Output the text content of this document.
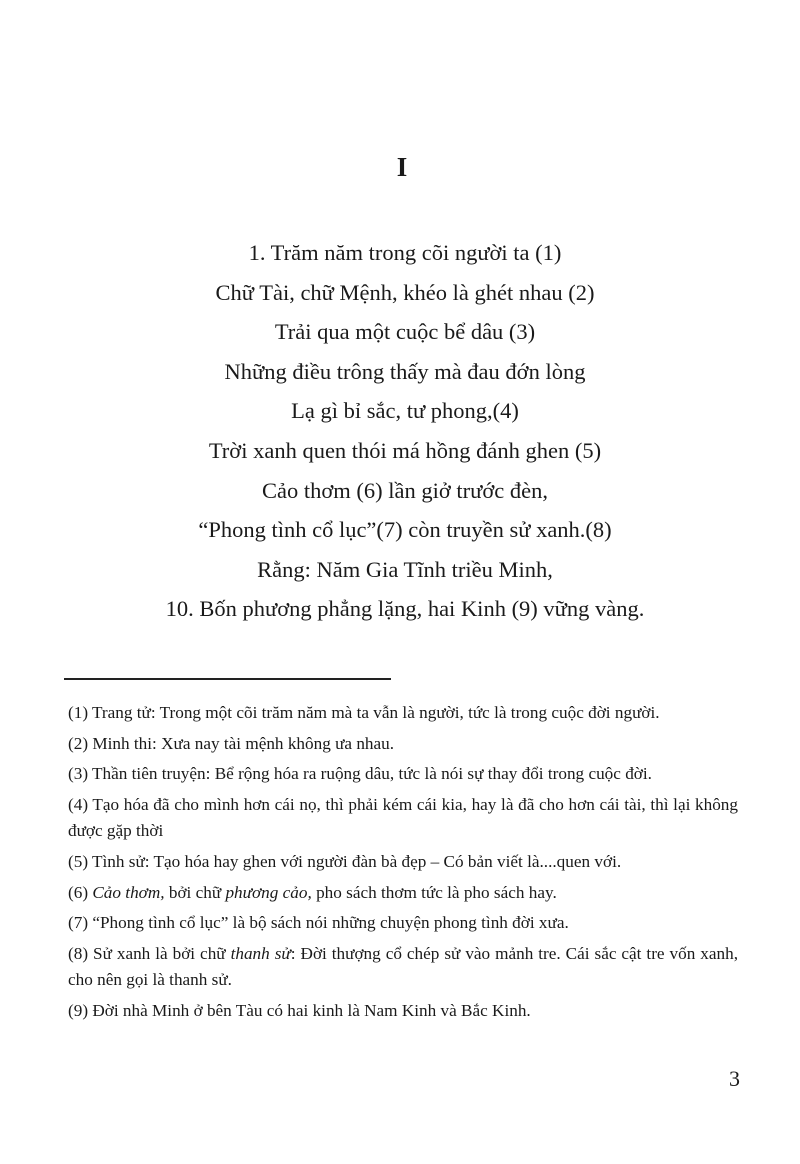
I
1. Trăm năm trong cõi người ta (1)
Chữ Tài, chữ Mệnh, khéo là ghét nhau (2)
Trải qua một cuộc bể dâu (3)
Những điều trông thấy mà đau đớn lòng
Lạ gì bỉ sắc, tư phong,(4)
Trời xanh quen thói má hồng đánh ghen (5)
Cảo thơm (6) lần giở trước đèn,
“Phong tình cổ lục”(7) còn truyền sử xanh.(8)
Rằng: Năm Gia Tĩnh triều Minh,
10. Bốn phương phẳng lặng, hai Kinh (9) vững vàng.
(1) Trang tử: Trong một cõi trăm năm mà ta vẫn là người, tức là trong cuộc đời người.
(2) Minh thi: Xưa nay tài mệnh không ưa nhau.
(3) Thần tiên truyện: Bể rộng hóa ra ruộng dâu, tức là nói sự thay đổi trong cuộc đời.
(4) Tạo hóa đã cho mình hơn cái nọ, thì phải kém cái kia, hay là đã cho hơn cái tài, thì lại không được gặp thời
(5) Tình sử: Tạo hóa hay ghen với người đàn bà đẹp – Có bản viết là....quen với.
(6) Cảo thơm, bởi chữ phương cảo, pho sách thơm tức là pho sách hay.
(7) “Phong tình cổ lục” là bộ sách nói những chuyện phong tình đời xưa.
(8) Sử xanh là bởi chữ thanh sử: Đời thượng cổ chép sử vào mảnh tre. Cái sắc cật tre vốn xanh, cho nên gọi là thanh sử.
(9) Đời nhà Minh ở bên Tàu có hai kinh là Nam Kinh và Bắc Kinh.
3
